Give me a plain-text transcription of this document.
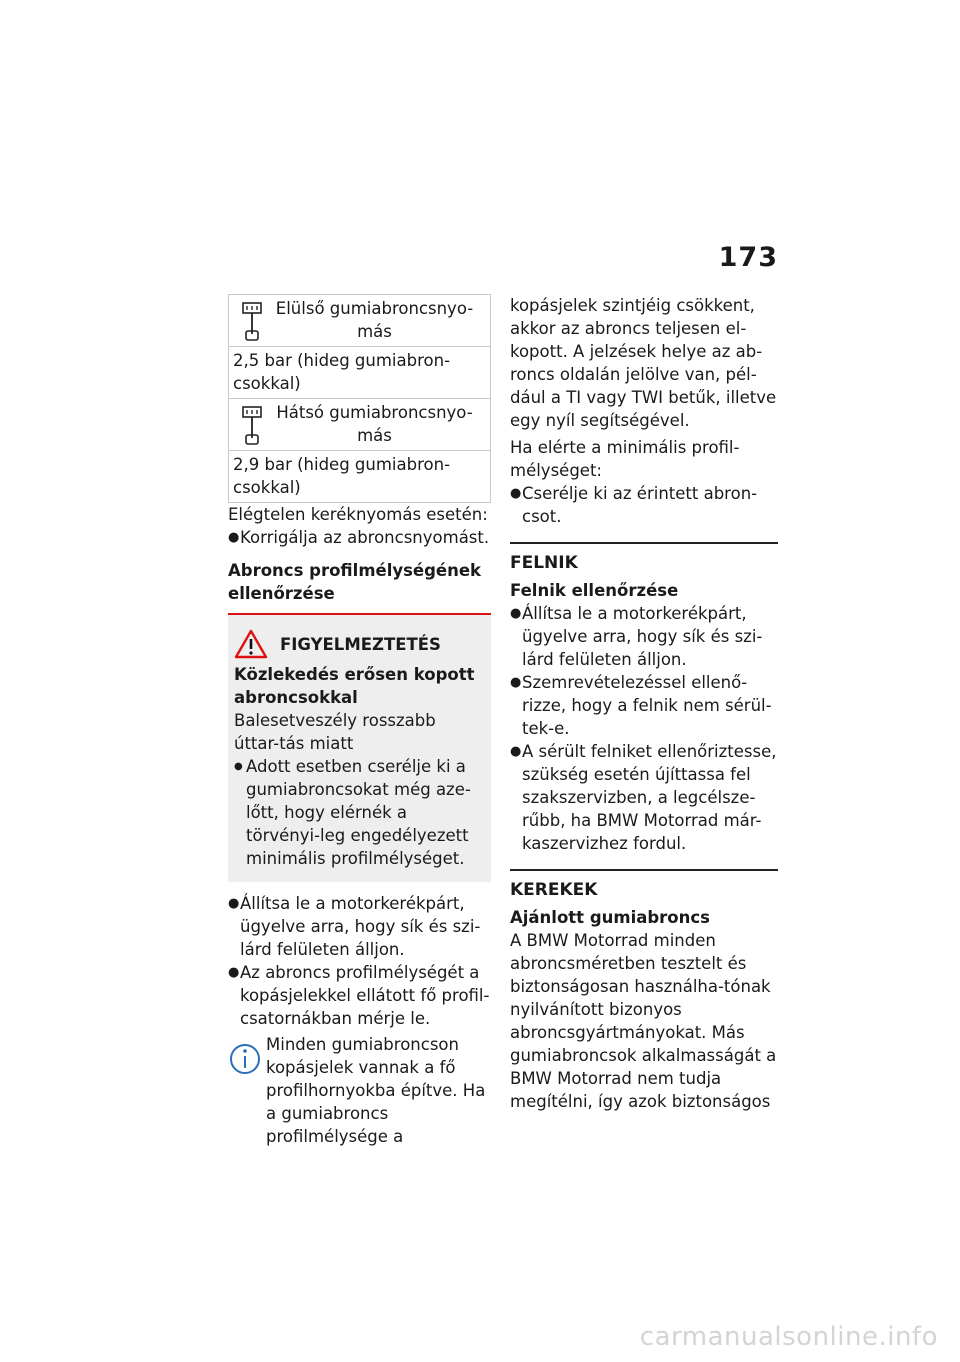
173

Elülső gumiabroncsnyo-más

2,5 bar (hideg gumiabron-csokkal)

Hátsó gumiabroncsnyo-más

2,9 bar (hideg gumiabron-csokkal)

Elégtelen keréknyomás esetén:

● Korrigálja az abroncsnyomást.

Abroncs profilmélységének ellenőrzése

FIGYELMEZTETÉS

Közlekedés erősen kopott abroncsokkal

Balesetveszély rosszabb úttar-tás miatt

● Adott esetben cserélje ki a gumiabroncsokat még aze-lőtt, hogy elérnék a törvényi-leg engedélyezett minimális profilmélységet.

● Állítsa le a motorkerékpárt, ügyelve arra, hogy sík és szi-lárd felületen álljon.

● Az abroncs profilmélységét a kopásjelekkel ellátott fő profil-csatornákban mérje le.

Minden gumiabroncson kopásjelek vannak a fő profilhornyokba építve. Ha a gumiabroncs profilmélysége a

kopásjelek szintjéig csökkent, akkor az abroncs teljesen el-kopott. A jelzések helye az ab-roncs oldalán jelölve van, pél-dául a TI vagy TWI betűk, illetve egy nyíl segítségével.

Ha elérte a minimális profil-mélységet:

● Cserélje ki az érintett abron-csot.

FELNIK

Felnik ellenőrzése

● Állítsa le a motorkerékpárt, ügyelve arra, hogy sík és szi-lárd felületen álljon.

● Szemrevételezéssel ellenő-rizze, hogy a felnik nem sérül-tek-e.

● A sérült felniket ellenőriztesse, szükség esetén újíttassa fel szakszervizben, a legcélsze-rűbb, ha BMW Motorrad már-kaszervizhez fordul.

KEREKEK

Ajánlott gumiabroncs

A BMW Motorrad minden abroncsméretben tesztelt és biztonságosan használha-tónak nyilvánított bizonyos abroncsgyártmányokat. Más gumiabroncsok alkalmasságát a BMW Motorrad nem tudja megítélni, így azok biztonságos

carmanualsonline.info
